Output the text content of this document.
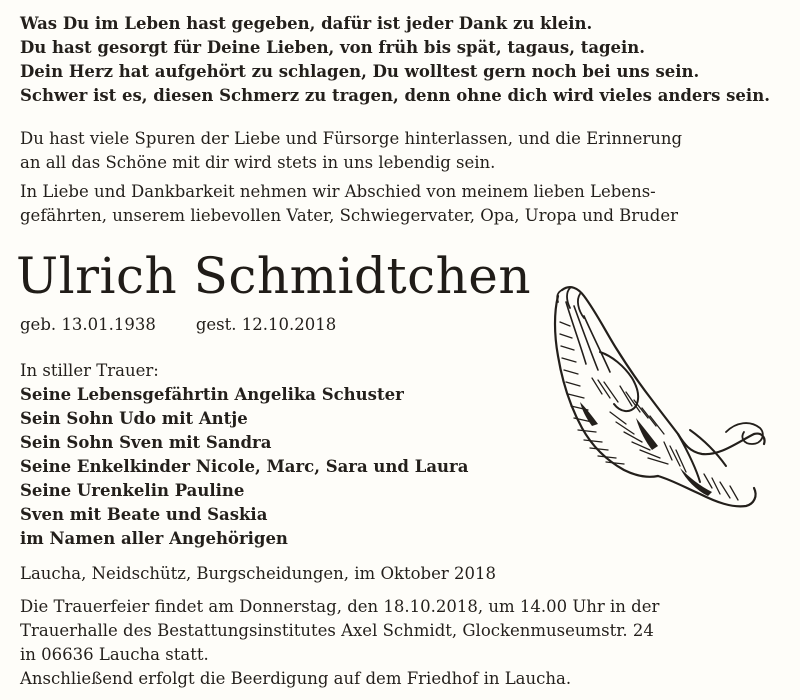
Was Du im Leben hast gegeben, dafür ist jeder Dank zu klein.
Du hast gesorgt für Deine Lieben, von früh bis spät, tagaus, tagein.
Dein Herz hat aufgehört zu schlagen, Du wolltest gern noch bei uns sein.
Schwer ist es, diesen Schmerz zu tragen, denn ohne dich wird vieles anders sein.
Du hast viele Spuren der Liebe und Fürsorge hinterlassen, und die Erinnerung
an all das Schöne mit dir wird stets in uns lebendig sein.
In Liebe und Dankbarkeit nehmen wir Abschied von meinem lieben Lebens-
gefährten, unserem liebevollen Vater, Schwiegervater, Opa, Uropa und Bruder
Ulrich Schmidtchen
geb. 13.01.1938 gest. 12.10.2018
In stiller Trauer:
Seine Lebensgefährtin Angelika Schuster
Sein Sohn Udo mit Antje
Sein Sohn Sven mit Sandra
Seine Enkelkinder Nicole, Marc, Sara und Laura
Seine Urenkelin Pauline
Sven mit Beate und Saskia
im Namen aller Angehörigen
Laucha, Neidschütz, Burgscheidungen, im Oktober 2018
Die Trauerfeier findet am Donnerstag, den 18.10.2018, um 14.00 Uhr in der
Trauerhalle des Bestattungsinstitutes Axel Schmidt, Glockenmuseumstr. 24
in 06636 Laucha statt.
Anschließend erfolgt die Beerdigung auf dem Friedhof in Laucha.
